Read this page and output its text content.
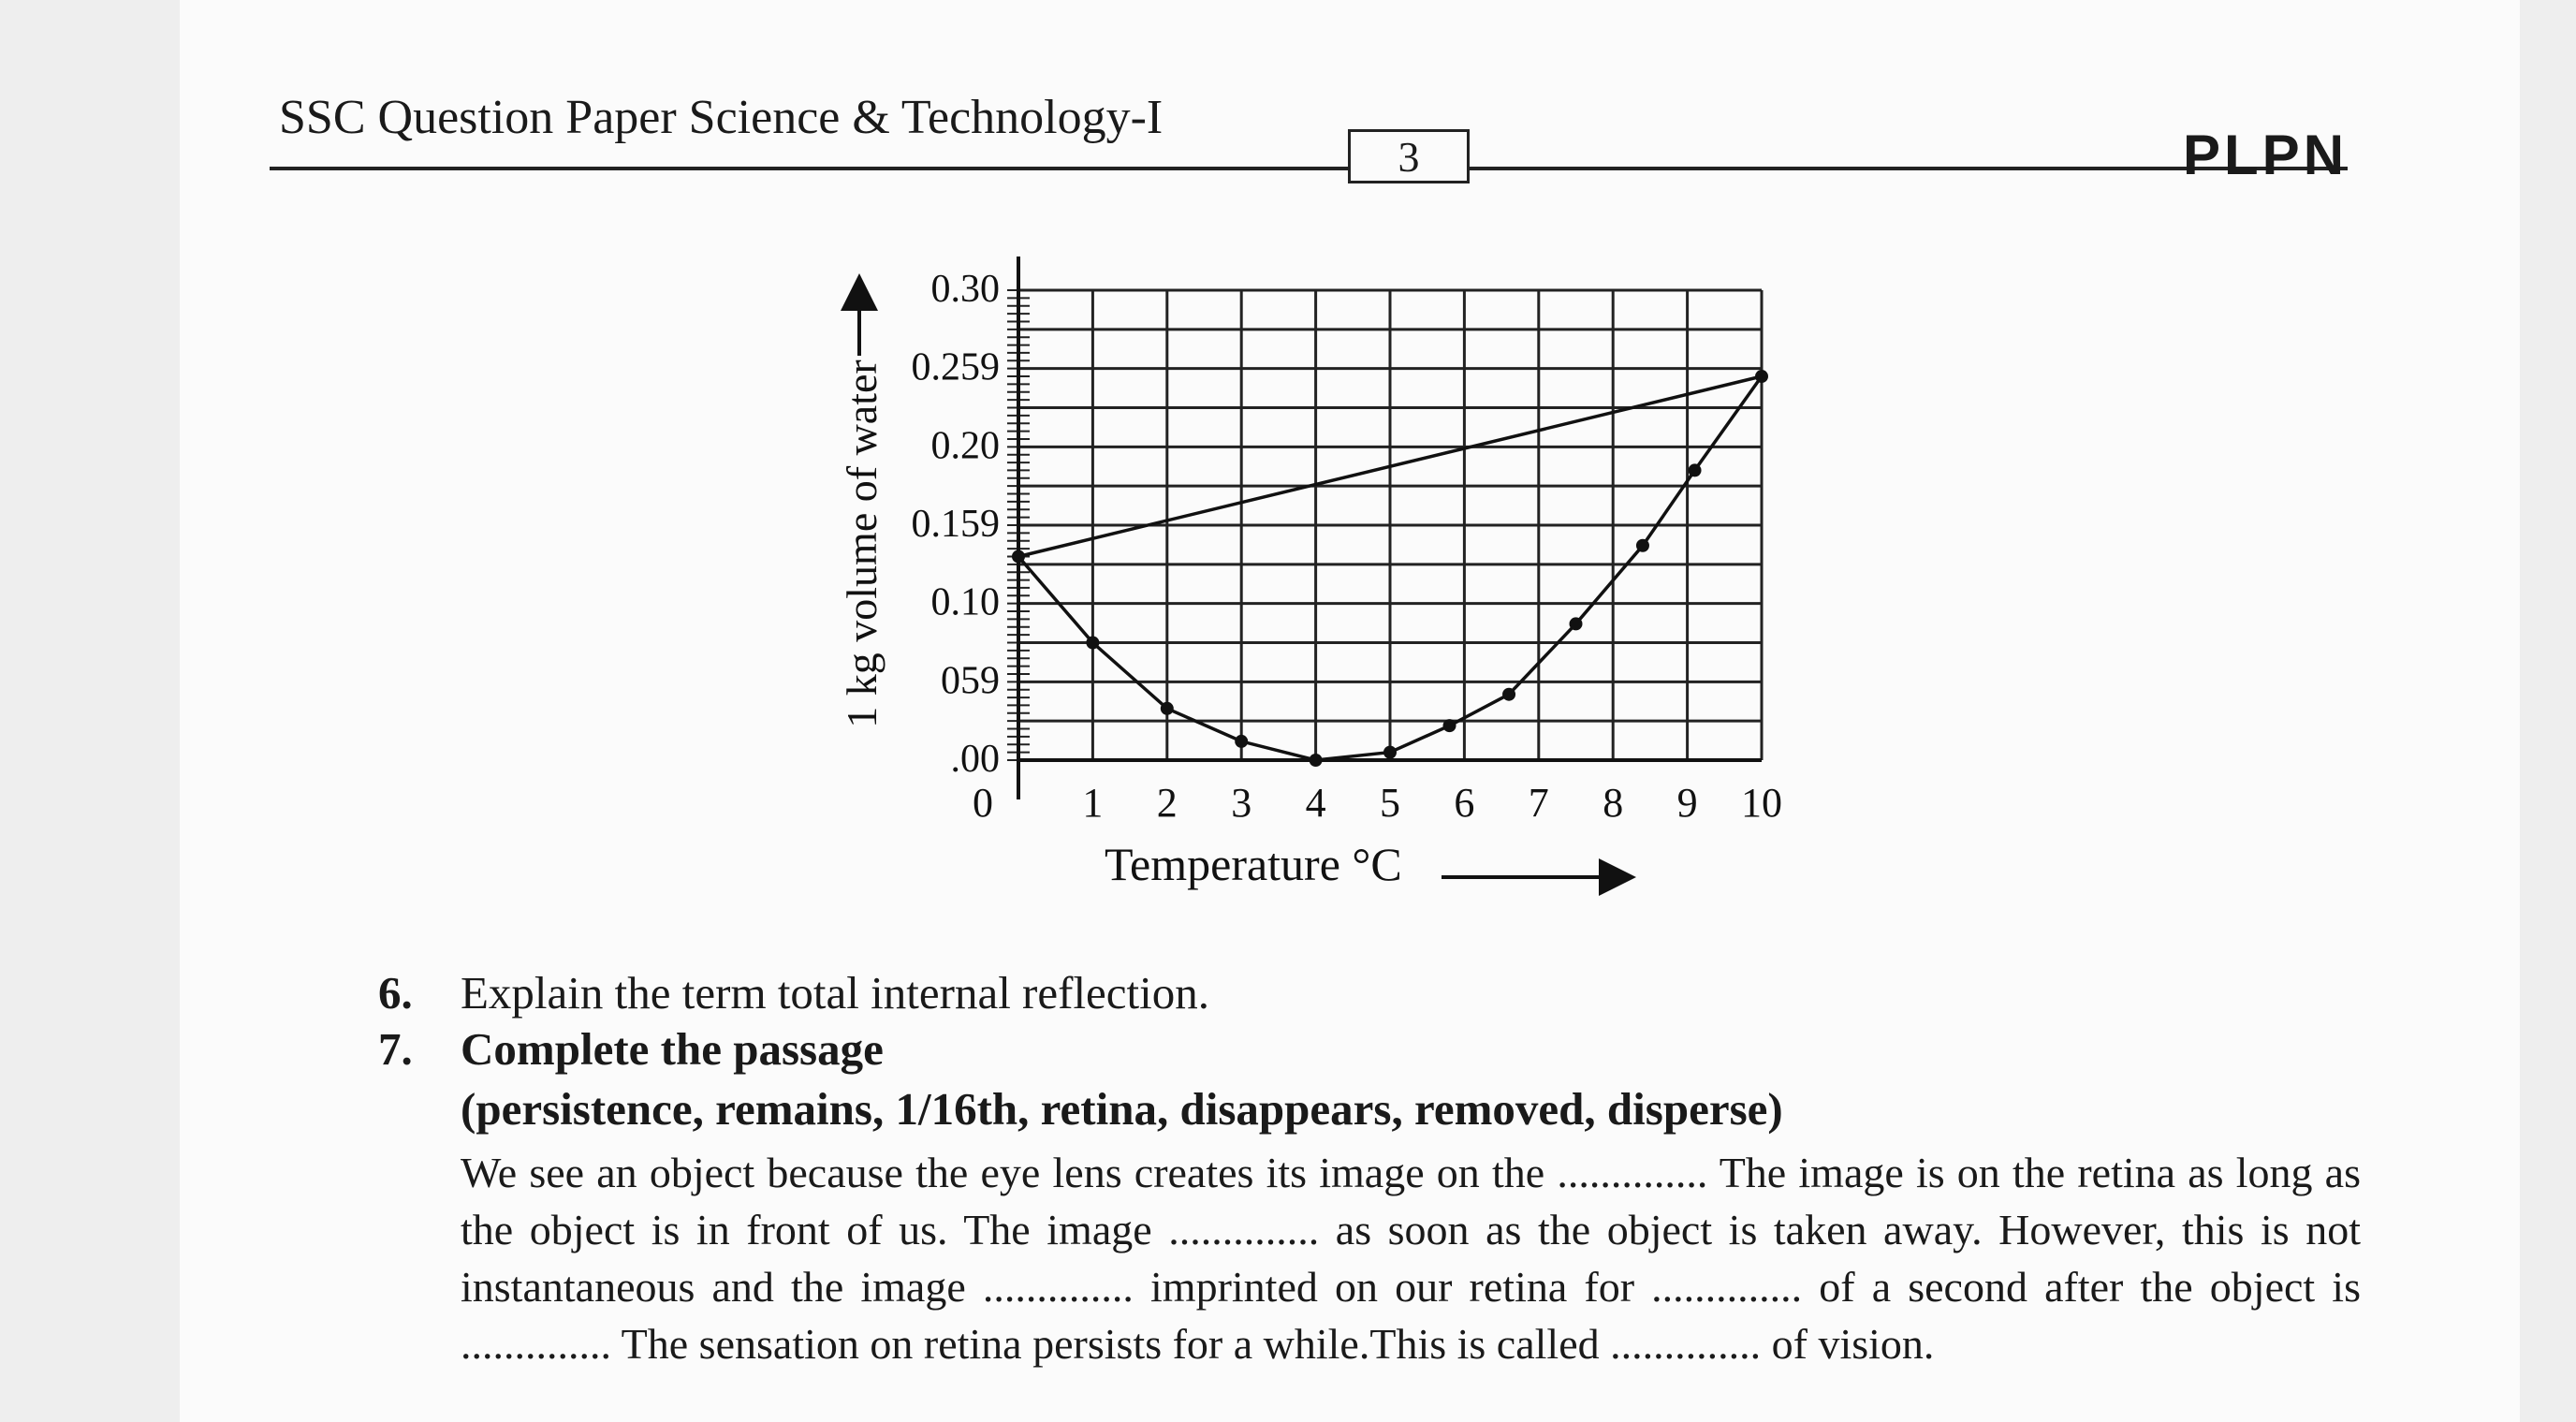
SSC Question Paper Science & Technology-I
3	PLPN
0 1 2 3 4 5 6 7 8 9 10
.00
059
0.10
0.159
0.20
0.259
0.30
1 kg volume of water
Temperature °C
6. Explain the term total internal reflection.
7. Complete the passage
(persistence, remains, 1/16th, retina, disappears, removed, disperse)
We see an object because the eye lens creates its image on the .............. The image is on the retina as long as the object is in front of us. The image .............. as soon as the object is taken away. However, this is not instantaneous and the image .............. imprinted on our retina for .............. of a second after the object is .............. The sensation on retina persists for a while.This is called .............. of vision.
